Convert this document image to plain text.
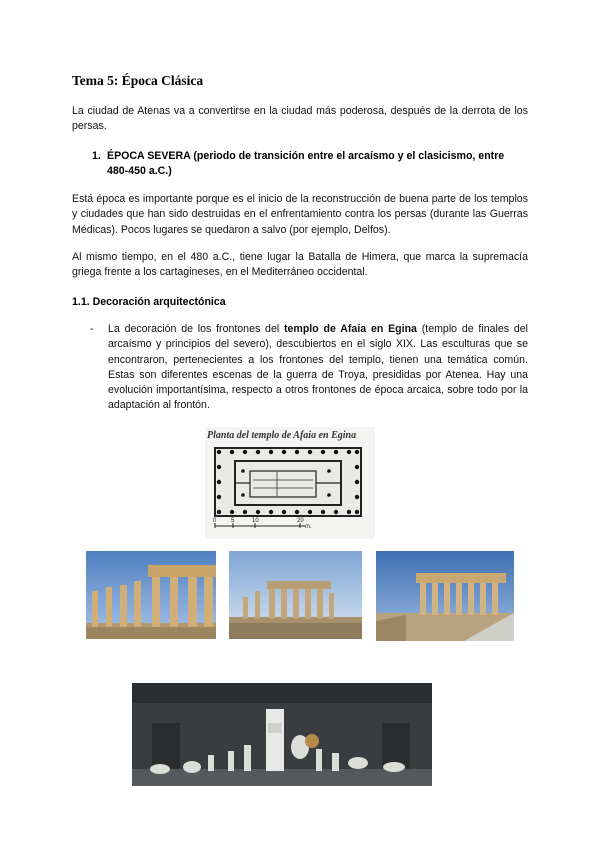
Tema 5: Época Clásica
La ciudad de Atenas va a convertirse en la ciudad más poderosa, después de la derrota de los persas.
1. ÉPOCA SEVERA (periodo de transición entre el arcaísmo y el clasicismo, entre 480-450 a.C.)
Está época es importante porque es el inicio de la reconstrucción de buena parte de los templos y ciudades que han sido destruidas en el enfrentamiento contra los persas (durante las Guerras Médicas). Pocos lugares se quedaron a salvo (por ejemplo, Delfos).
Al mismo tiempo, en el 480 a.C., tiene lugar la Batalla de Himera, que marca la supremacía griega frente a los cartagineses, en el Mediterráneo occidental.
1.1. Decoración arquitectónica
- La decoración de los frontones del templo de Afaia en Egina (templo de finales del arcaísmo y principios del severo), descubiertos en el siglo XIX. Las esculturas que se encontraron, pertenecientes a los frontones del templo, tienen una temática común. Estas son diferentes escenas de la guerra de Troya, presididas por Atenea. Hay una evolución importantísima, respecto a otros frontones de época arcaica, sobre todo por la adaptación al frontón.
Planta del templo de Afaia en Egina
0 5	10	20
m.
